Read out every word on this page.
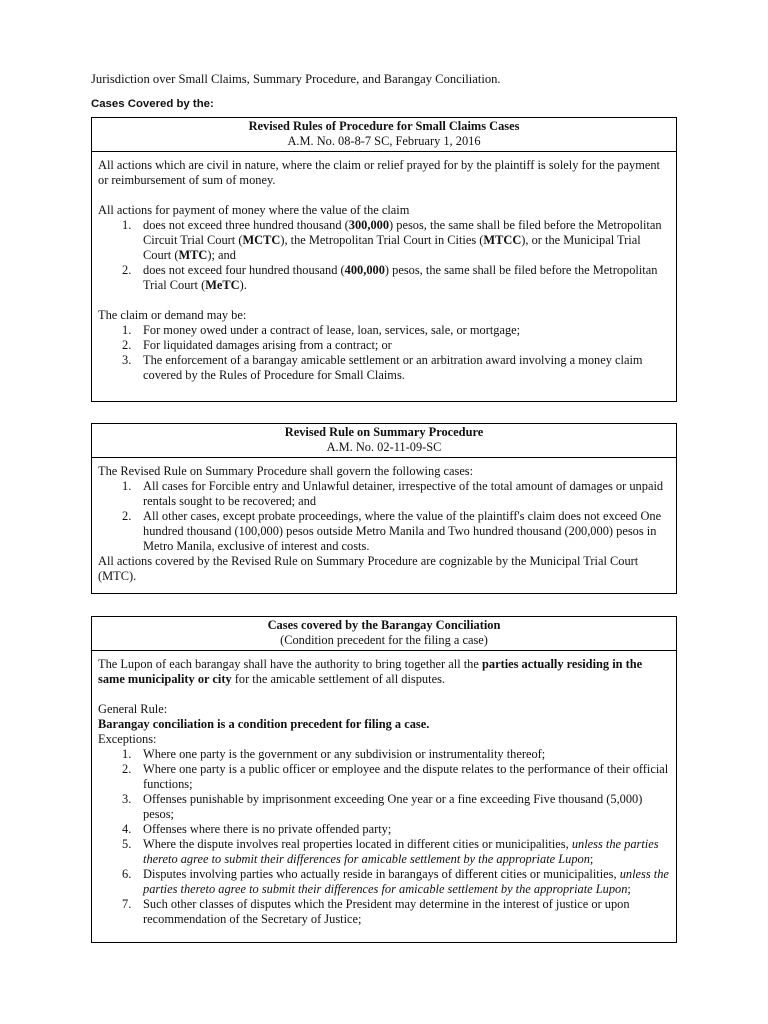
Jurisdiction over Small Claims, Summary Procedure, and Barangay Conciliation.
Cases Covered by the:
Revised Rules of Procedure for Small Claims Cases
A.M. No. 08-8-7 SC, February 1, 2016

All actions which are civil in nature, where the claim or relief prayed for by the plaintiff is solely for the payment or reimbursement of sum of money.

All actions for payment of money where the value of the claim

1. does not exceed three hundred thousand (300,000) pesos, the same shall be filed before the Metropolitan Circuit Trial Court (MCTC), the Metropolitan Trial Court in Cities (MTCC), or the Municipal Trial Court (MTC); and
2. does not exceed four hundred thousand (400,000) pesos, the same shall be filed before the Metropolitan Trial Court (MeTC).

The claim or demand may be:

1. For money owed under a contract of lease, loan, services, sale, or mortgage;
2. For liquidated damages arising from a contract; or
3. The enforcement of a barangay amicable settlement or an arbitration award involving a money claim covered by the Rules of Procedure for Small Claims.
Revised Rule on Summary Procedure
A.M. No. 02-11-09-SC

The Revised Rule on Summary Procedure shall govern the following cases:

1. All cases for Forcible entry and Unlawful detainer, irrespective of the total amount of damages or unpaid rentals sought to be recovered; and
2. All other cases, except probate proceedings, where the value of the plaintiff's claim does not exceed One hundred thousand (100,000) pesos outside Metro Manila and Two hundred thousand (200,000) pesos in Metro Manila, exclusive of interest and costs.

All actions covered by the Revised Rule on Summary Procedure are cognizable by the Municipal Trial Court (MTC).

Cases covered by the Barangay Conciliation
(Condition precedent for the filing a case)

The Lupon of each barangay shall have the authority to bring together all the parties actually residing in the same municipality or city for the amicable settlement of all disputes.

General Rule:

Barangay conciliation is a condition precedent for filing a case.

Exceptions:

1. Where one party is the government or any subdivision or instrumentality thereof;
2. Where one party is a public officer or employee and the dispute relates to the performance of their official functions;
3. Offenses punishable by imprisonment exceeding One year or a fine exceeding Five thousand (5,000) pesos;
4. Offenses where there is no private offended party;
5. Where the dispute involves real properties located in different cities or municipalities, unless the parties thereto agree to submit their differences for amicable settlement by the appropriate Lupon;
6. Disputes involving parties who actually reside in barangays of different cities or municipalities, unless the parties thereto agree to submit their differences for amicable settlement by the appropriate Lupon;
7. Such other classes of disputes which the President may determine in the interest of justice or upon recommendation of the Secretary of Justice;
